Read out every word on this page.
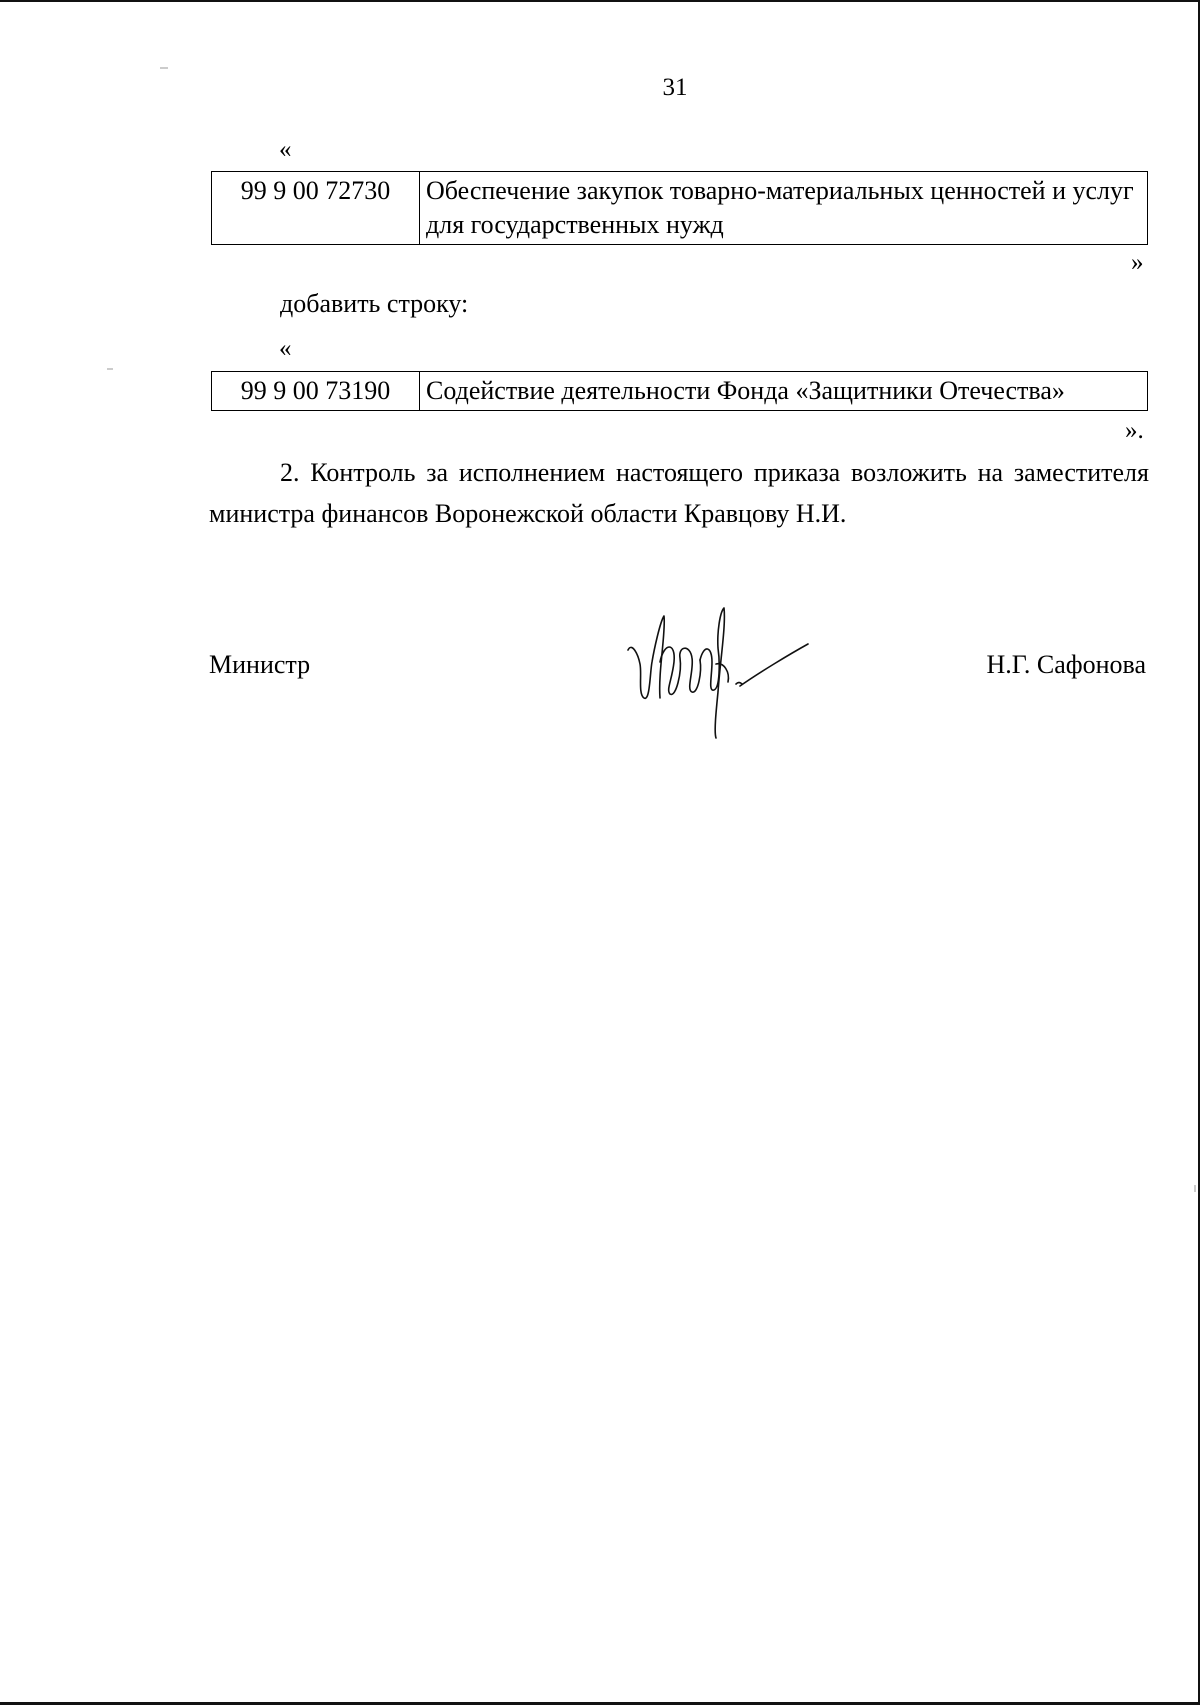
31
«
99 9 00 72730	Обеспечение закупок товарно-материальных ценностей и услуг для государственных нужд
»
добавить строку:
«
99 9 00 73190	Содействие деятельности Фонда «Защитники Отечества»
».

2. Контроль за исполнением настоящего приказа возложить на заместителя министра финансов Воронежской области Кравцову Н.И.

Министр	Н.Г. Сафонова
